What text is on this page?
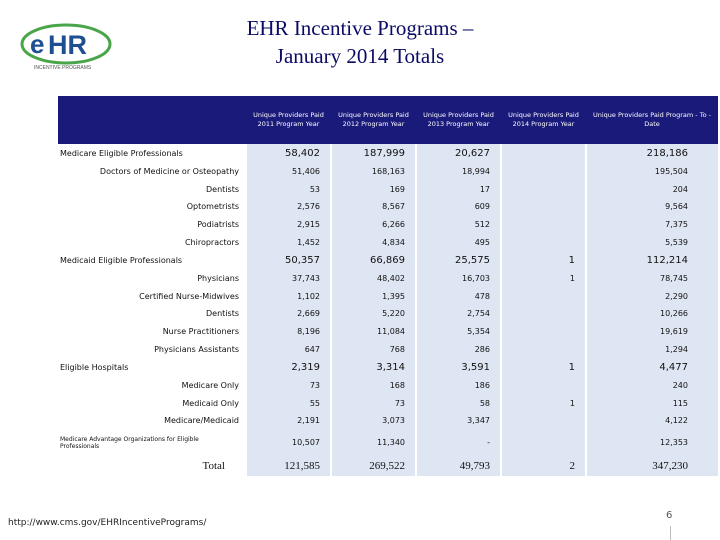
e HR
INCENTIVE PROGRAMS
EHR Incentive Programs –
January 2014 Totals
	Unique Providers Paid 2011 Program Year	Unique Providers Paid 2012 Program Year	Unique Providers Paid 2013 Program Year	Unique Providers Paid 2014 Program Year	Unique Providers Paid Program - To - Date
Medicare Eligible Professionals	58,402	187,999	20,627		218,186
Doctors of Medicine or Osteopathy	51,406	168,163	18,994		195,504
Dentists	53	169	17		204
Optometrists	2,576	8,567	609		9,564
Podiatrists	2,915	6,266	512		7,375
Chiropractors	1,452	4,834	495		5,539
Medicaid Eligible Professionals	50,357	66,869	25,575	1	112,214
Physicians	37,743	48,402	16,703	1	78,745
Certified Nurse-Midwives	1,102	1,395	478		2,290
Dentists	2,669	5,220	2,754		10,266
Nurse Practitioners	8,196	11,084	5,354		19,619
Physicians Assistants	647	768	286		1,294
Eligible Hospitals	2,319	3,314	3,591	1	4,477
Medicare Only	73	168	186		240
Medicaid Only	55	73	58	1	115
Medicare/Medicaid	2,191	3,073	3,347		4,122
Medicare Advantage Organizations for Eligible Professionals	10,507	11,340	-		12,353
Total	121,585	269,522	49,793	2	347,230
http://www.cms.gov/EHRIncentivePrograms/
6
